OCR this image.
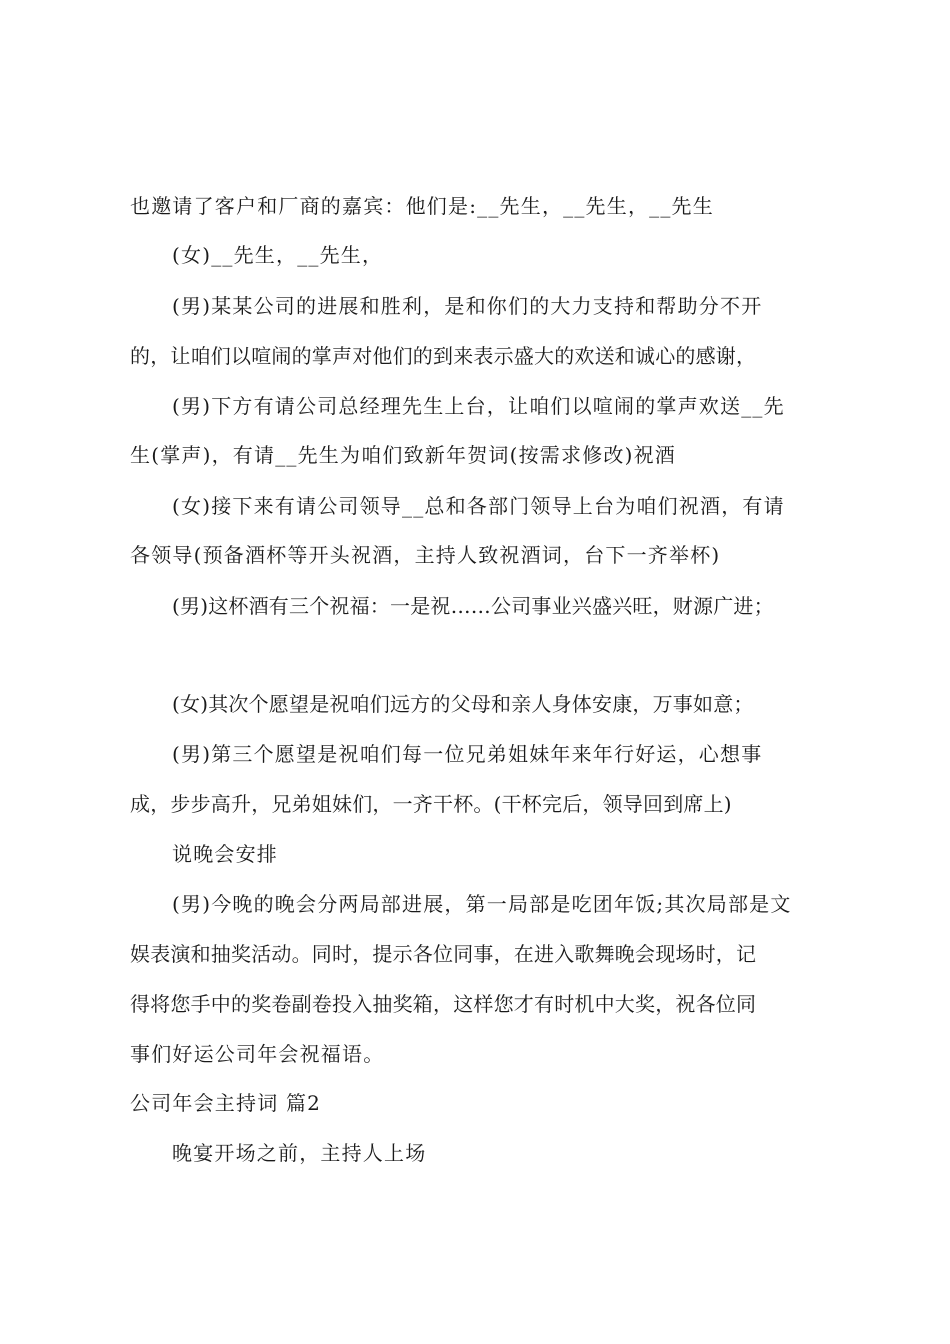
也邀请了客户和厂商的嘉宾：他们是:__先生，__先生，__先生
(女)__先生，__先生，
(男)某某公司的进展和胜利，是和你们的大力支持和帮助分不开
的，让咱们以喧闹的掌声对他们的到来表示盛大的欢送和诚心的感谢，
(男)下方有请公司总经理先生上台，让咱们以喧闹的掌声欢送__先
生(掌声)，有请__先生为咱们致新年贺词(按需求修改)祝酒
(女)接下来有请公司领导__总和各部门领导上台为咱们祝酒，有请
各领导(预备酒杯等开头祝酒，主持人致祝酒词，台下一齐举杯)
(男)这杯酒有三个祝福：一是祝……公司事业兴盛兴旺，财源广进；
(女)其次个愿望是祝咱们远方的父母和亲人身体安康，万事如意；
(男)第三个愿望是祝咱们每一位兄弟姐妹年来年行好运，心想事
成，步步高升，兄弟姐妹们，一齐干杯。(干杯完后，领导回到席上)
说晚会安排
(男)今晚的晚会分两局部进展，第一局部是吃团年饭;其次局部是文
娱表演和抽奖活动。同时，提示各位同事，在进入歌舞晚会现场时，记
得将您手中的奖卷副卷投入抽奖箱，这样您才有时机中大奖，祝各位同
事们好运公司年会祝福语。
公司年会主持词 篇2
晚宴开场之前，主持人上场
